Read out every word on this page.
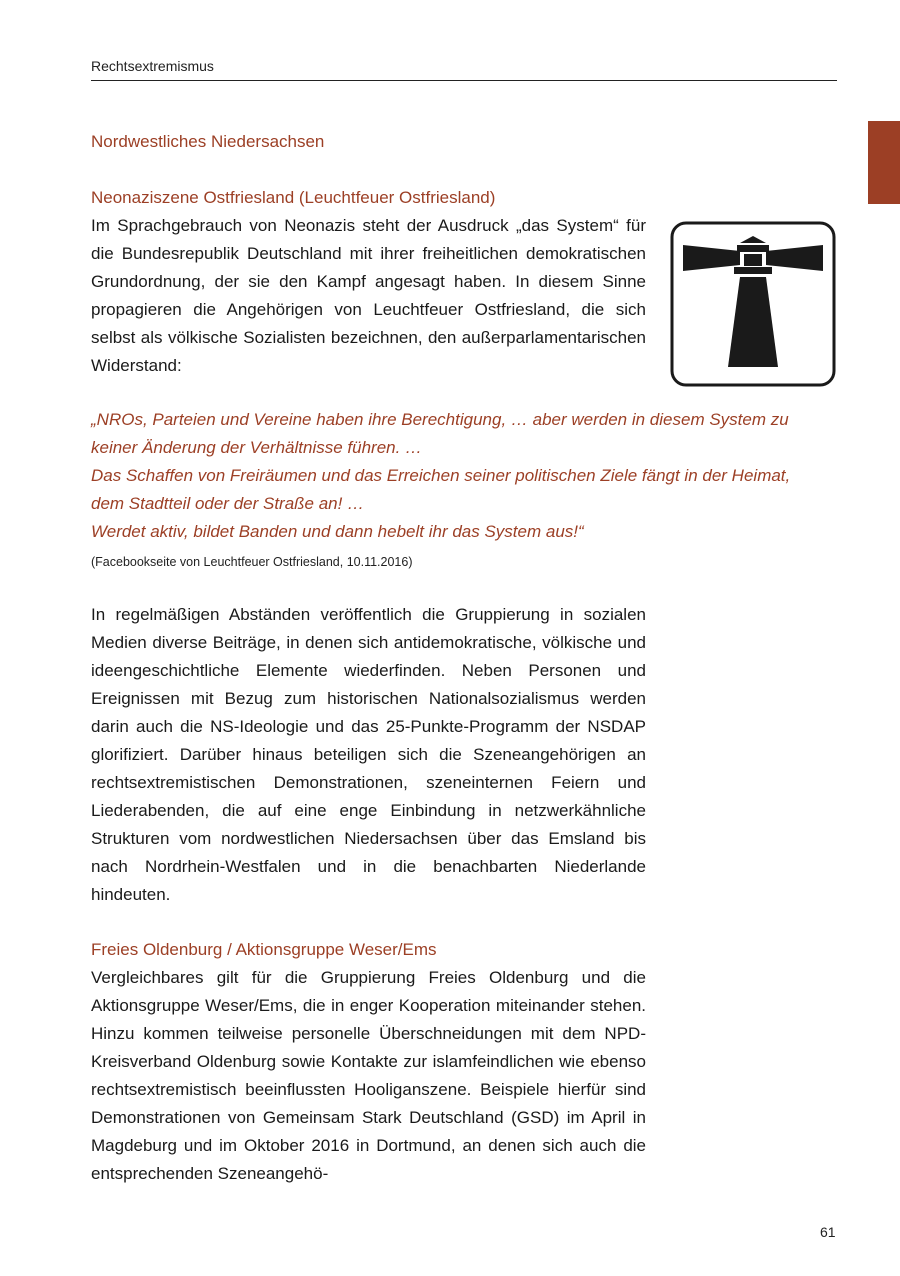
Rechtsextremismus
Nordwestliches Niedersachsen
Neonaziszene Ostfriesland (Leuchtfeuer Ostfriesland)

Im Sprachgebrauch von Neonazis steht der Ausdruck „das System“ für die Bundesrepublik Deutschland mit ihrer freiheitlichen demokratischen Grundordnung, der sie den Kampf angesagt haben. In diesem Sinne propagieren die Angehörigen von Leuchtfeuer Ostfriesland, die sich selbst als völkische Sozialisten bezeichnen, den außerparlamentarischen Widerstand:

„NROs, Parteien und Vereine haben ihre Berechtigung, … aber werden in diesem System zu
keiner Änderung der Verhältnisse führen. …
Das Schaffen von Freiräumen und das Erreichen seiner politischen Ziele fängt in der Heimat,
dem Stadtteil oder der Straße an! …
Werdet aktiv, bildet Banden und dann hebelt ihr das System aus!“
(Facebookseite von Leuchtfeuer Ostfriesland, 10.11.2016)

In regelmäßigen Abständen veröffentlich die Gruppierung in sozialen Medien diverse Beiträge, in denen sich antidemokratische, völkische und ideengeschichtliche Elemente wiederfinden. Neben Personen und Ereignissen mit Bezug zum historischen Nationalsozialismus werden darin auch die NS-Ideologie und das 25-Punkte-Programm der NSDAP glorifiziert. Darüber hinaus beteiligen sich die Szeneangehörigen an rechtsextremistischen Demonstrationen, szeneinternen Feiern und Liederabenden, die auf eine enge Einbindung in netzwerkähnliche Strukturen vom nordwestlichen Niedersachsen über das Emsland bis nach Nordrhein-Westfalen und in die benachbarten Niederlande hindeuten.

Freies Oldenburg / Aktionsgruppe Weser/Ems

Vergleichbares gilt für die Gruppierung Freies Oldenburg und die Aktionsgruppe Weser/Ems, die in enger Kooperation miteinander stehen. Hinzu kommen teilweise personelle Überschneidungen mit dem NPD-Kreisverband Oldenburg sowie Kontakte zur islamfeindlichen wie ebenso rechtsextremistisch beeinflussten Hooliganszene. Beispiele hierfür sind Demonstrationen von Gemeinsam Stark Deutschland (GSD) im April in Magdeburg und im Oktober 2016 in Dortmund, an denen sich auch die entsprechenden Szeneangehö-

61
